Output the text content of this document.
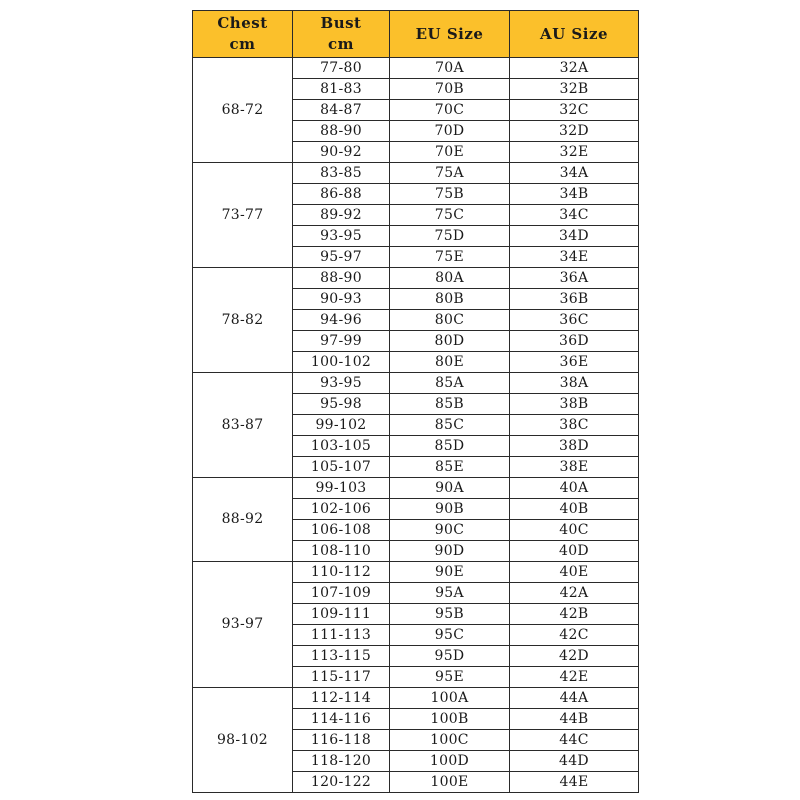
Chest
cm	Bust
cm	EU Size	AU Size

68-72	77-80	70A	32A
	81-83	70B	32B
	84-87	70C	32C
	88-90	70D	32D
	90-92	70E	32E
73-77	83-85	75A	34A
	86-88	75B	34B
	89-92	75C	34C
	93-95	75D	34D
	95-97	75E	34E
78-82	88-90	80A	36A
	90-93	80B	36B
	94-96	80C	36C
	97-99	80D	36D
	100-102	80E	36E
83-87	93-95	85A	38A
	95-98	85B	38B
	99-102	85C	38C
	103-105	85D	38D
	105-107	85E	38E
88-92	99-103	90A	40A
	102-106	90B	40B
	106-108	90C	40C
	108-110	90D	40D
93-97	110-112	90E	40E
	107-109	95A	42A
	109-111	95B	42B
	111-113	95C	42C
	113-115	95D	42D
	115-117	95E	42E
98-102	112-114	100A	44A
	114-116	100B	44B
	116-118	100C	44C
	118-120	100D	44D
	120-122	100E	44E
